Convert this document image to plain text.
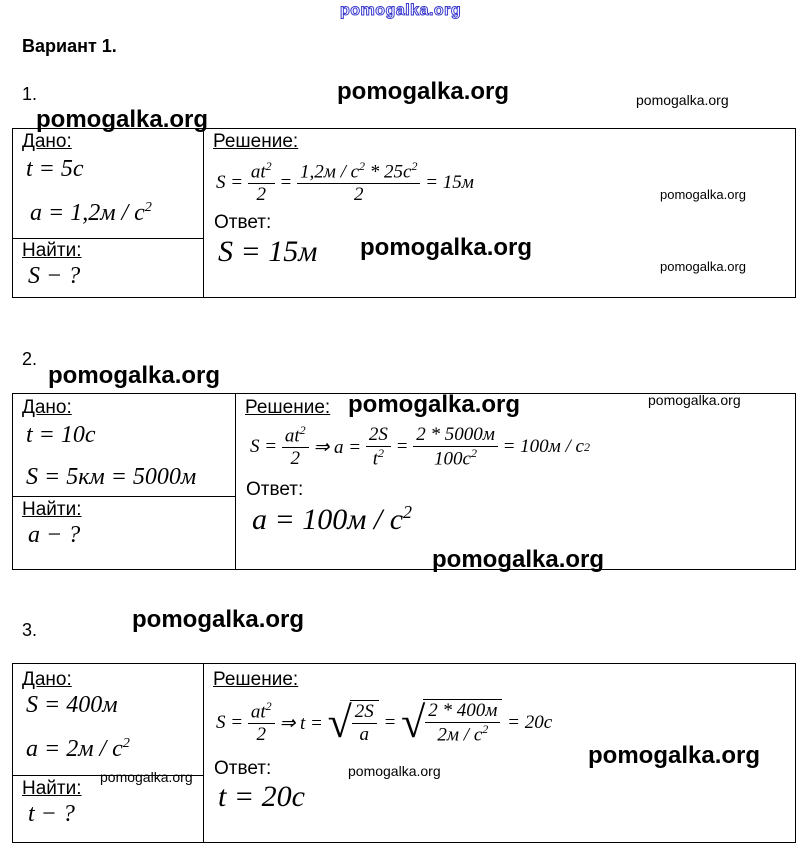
pomogalka.org
Вариант 1.
1.	pomogalka.org	pomogalka.org
pomogalka.org
Дано:
t = 5c
$a = 1,2м / c^2$
Найти:
S − ?
Решение:
S =
$\frac{at^2}{2}$
=
$\frac{1,2м / c^2 * 25c^2}{2}$
= 15м
pomogalka.org
Ответ:
S = 15м pomogalka.org
pomogalka.org
2.
pomogalka.org
Дано:
t = 10c
S = 5км = 5000м
Найти:
a − ?
Решение: pomogalka.org	pomogalka.org
S =
$\frac{at^2}{2}$
⇒ a =
$\frac{2S}{t^2}$
=
$\frac{2 * 5000м}{100c^2}$
= 100м / c 2
Ответ:
$a = 100м / c^2$
pomogalka.org
3.	pomogalka.org
Дано:
S = 400м
$a = 2м / c^2$
pomogalka.org
Найти:
t − ?
Решение:
S =
$\frac{at^2}{2}$
⇒ t =
√ $\frac{2S}{a}$
=
√ $\frac{2 * 400м}{2м / c^2}$
= 20c
pomogalka.org
Ответ:	pomogalka.org
t = 20c
